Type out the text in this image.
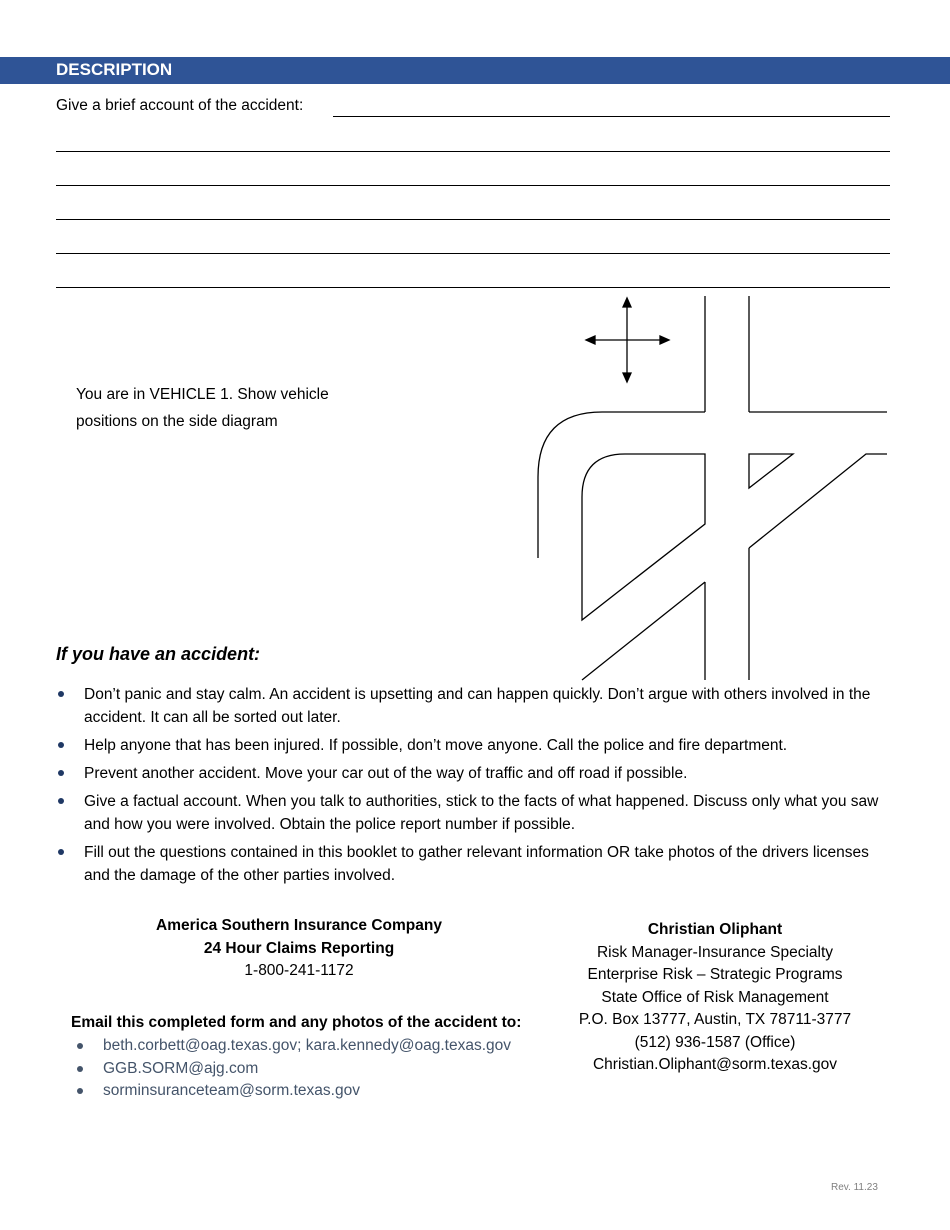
DESCRIPTION
Give a brief account of the accident:
You are in VEHICLE 1. Show vehicle
positions on the side diagram
If you have an accident:
Don’t panic and stay calm. An accident is upsetting and can happen quickly. Don’t argue with others involved in the accident. It can all be sorted out later.
Help anyone that has been injured. If possible, don’t move anyone. Call the police and fire department.
Prevent another accident. Move your car out of the way of traffic and off road if possible.
Give a factual account. When you talk to authorities, stick to the facts of what happened. Discuss only what you saw and how you were involved. Obtain the police report number if possible.
Fill out the questions contained in this booklet to gather relevant information OR take photos of the drivers licenses and the damage of the other parties involved.
America Southern Insurance Company
24 Hour Claims Reporting
1-800-241-1172
Email this completed form and any photos of the accident to:
beth.corbett@oag.texas.gov; kara.kennedy@oag.texas.gov
GGB.SORM@ajg.com
sorminsuranceteam@sorm.texas.gov
Christian Oliphant
Risk Manager-Insurance Specialty
Enterprise Risk – Strategic Programs
State Office of Risk Management
P.O. Box 13777, Austin, TX 78711-3777
(512) 936-1587 (Office)
Christian.Oliphant@sorm.texas.gov
Rev. 11.23
